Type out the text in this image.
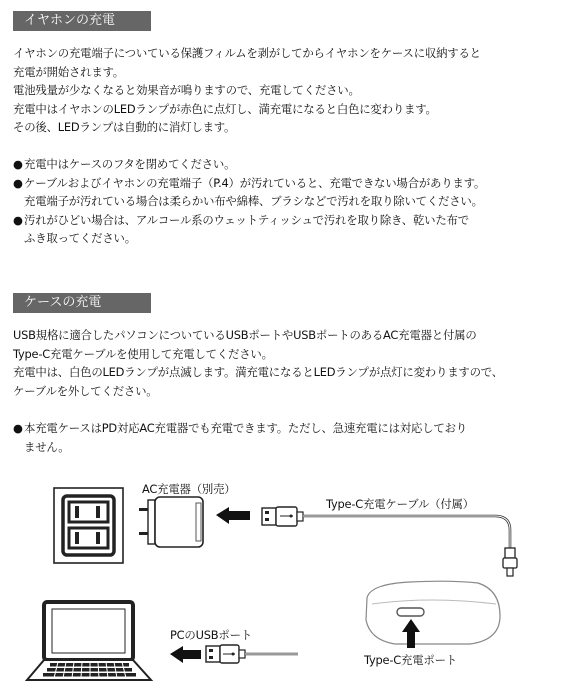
イヤホンの充電
イヤホンの充電端子についている保護フィルムを剥がしてからイヤホンをケースに収納すると
充電が開始されます。
電池残量が少なくなると効果音が鳴りますので、充電してください。
充電中はイヤホンのLEDランプが赤色に点灯し、満充電になると白色に変わります。
その後、LEDランプは自動的に消灯します。
●充電中はケースのフタを閉めてください。
●ケーブルおよびイヤホンの充電端子（P.4）が汚れていると、充電できない場合があります。
充電端子が汚れている場合は柔らかい布や綿棒、ブラシなどで汚れを取り除いてください。
●汚れがひどい場合は、アルコール系のウェットティッシュで汚れを取り除き、乾いた布で
ふき取ってください。
ケースの充電
USB規格に適合したパソコンについているUSBポートやUSBポートのあるAC充電器と付属の
Type-C充電ケーブルを使用して充電してください。
充電中は、白色のLEDランプが点滅します。満充電になるとLEDランプが点灯に変わりますので、
ケーブルを外してください。
●本充電ケースはPD対応AC充電器でも充電できます。ただし、急速充電には対応しており
ません。
AC充電器（別売）
Type-C充電ケーブル（付属）
PCのUSBポート
Type-C充電ポート
